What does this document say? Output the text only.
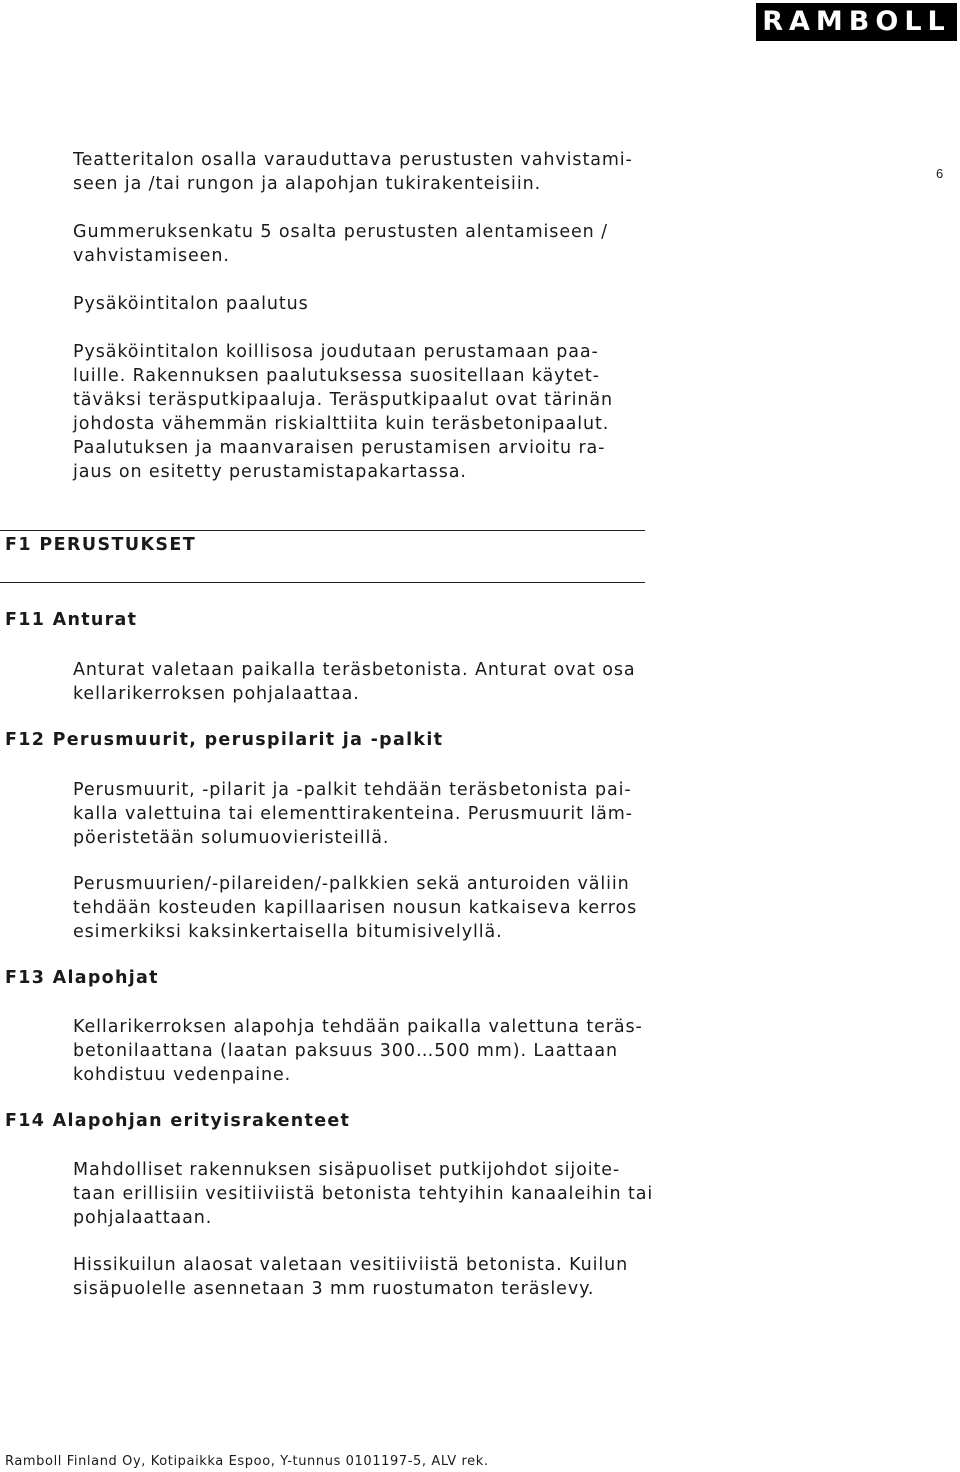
RAMBOLL
6
Teatteritalon osalla varauduttava perustusten vahvistami-
seen ja /tai rungon ja alapohjan tukirakenteisiin.
Gummeruksenkatu 5 osalta perustusten alentamiseen /
vahvistamiseen.
Pysäköintitalon paalutus
Pysäköintitalon koillisosa joudutaan perustamaan paa-
luille. Rakennuksen paalutuksessa suositellaan käytet-
täväksi teräsputkipaaluja. Teräsputkipaalut ovat tärinän
johdosta vähemmän riskialttiita kuin teräsbetonipaalut.
Paalutuksen ja maanvaraisen perustamisen arvioitu ra-
jaus on esitetty perustamistapakartassa.
F1 PERUSTUKSET
F11 Anturat
Anturat valetaan paikalla teräsbetonista. Anturat ovat osa
kellarikerroksen pohjalaattaa.
F12 Perusmuurit, peruspilarit ja -palkit
Perusmuurit, -pilarit ja -palkit tehdään teräsbetonista pai-
kalla valettuina tai elementtirakenteina. Perusmuurit läm-
pöeristetään solumuovieristeillä.
Perusmuurien/-pilareiden/-palkkien sekä anturoiden väliin
tehdään kosteuden kapillaarisen nousun katkaiseva kerros
esimerkiksi kaksinkertaisella bitumisivelyllä.
F13 Alapohjat
Kellarikerroksen alapohja tehdään paikalla valettuna teräs-
betonilaattana (laatan paksuus 300…500 mm). Laattaan
kohdistuu vedenpaine.
F14 Alapohjan erityisrakenteet
Mahdolliset rakennuksen sisäpuoliset putkijohdot sijoite-
taan erillisiin vesitiiviistä betonista tehtyihin kanaaleihin tai
pohjalaattaan.
Hissikuilun alaosat valetaan vesitiiviistä betonista. Kuilun
sisäpuolelle asennetaan 3 mm ruostumaton teräslevy.
Ramboll Finland Oy, Kotipaikka Espoo, Y-tunnus 0101197-5, ALV rek.
